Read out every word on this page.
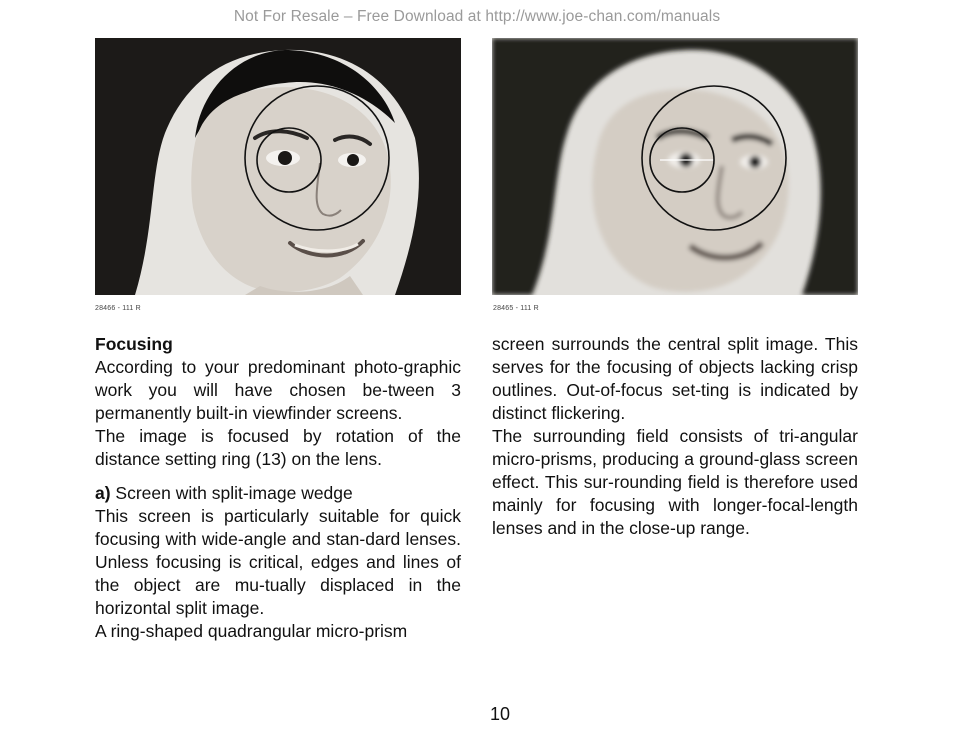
Not For Resale – Free Download at http://www.joe-chan.com/manuals
28466 - 111 R	28465 - 111 R
Focusing

According to your predominant photo-graphic work you will have chosen be-tween 3 permanently built-in viewfinder screens.

The image is focused by rotation of the distance setting ring (13) on the lens.

a) Screen with split-image wedge

This screen is particularly suitable for quick focusing with wide-angle and stan-dard lenses. Unless focusing is critical, edges and lines of the object are mu-tually displaced in the horizontal split image.

A ring-shaped quadrangular micro-prism

screen surrounds the central split image. This serves for the focusing of objects lacking crisp outlines. Out-of-focus set-ting is indicated by distinct flickering.

The surrounding field consists of tri-angular micro-prisms, producing a ground-glass screen effect. This sur-rounding field is therefore used mainly for focusing with longer-focal-length lenses and in the close-up range.

10
